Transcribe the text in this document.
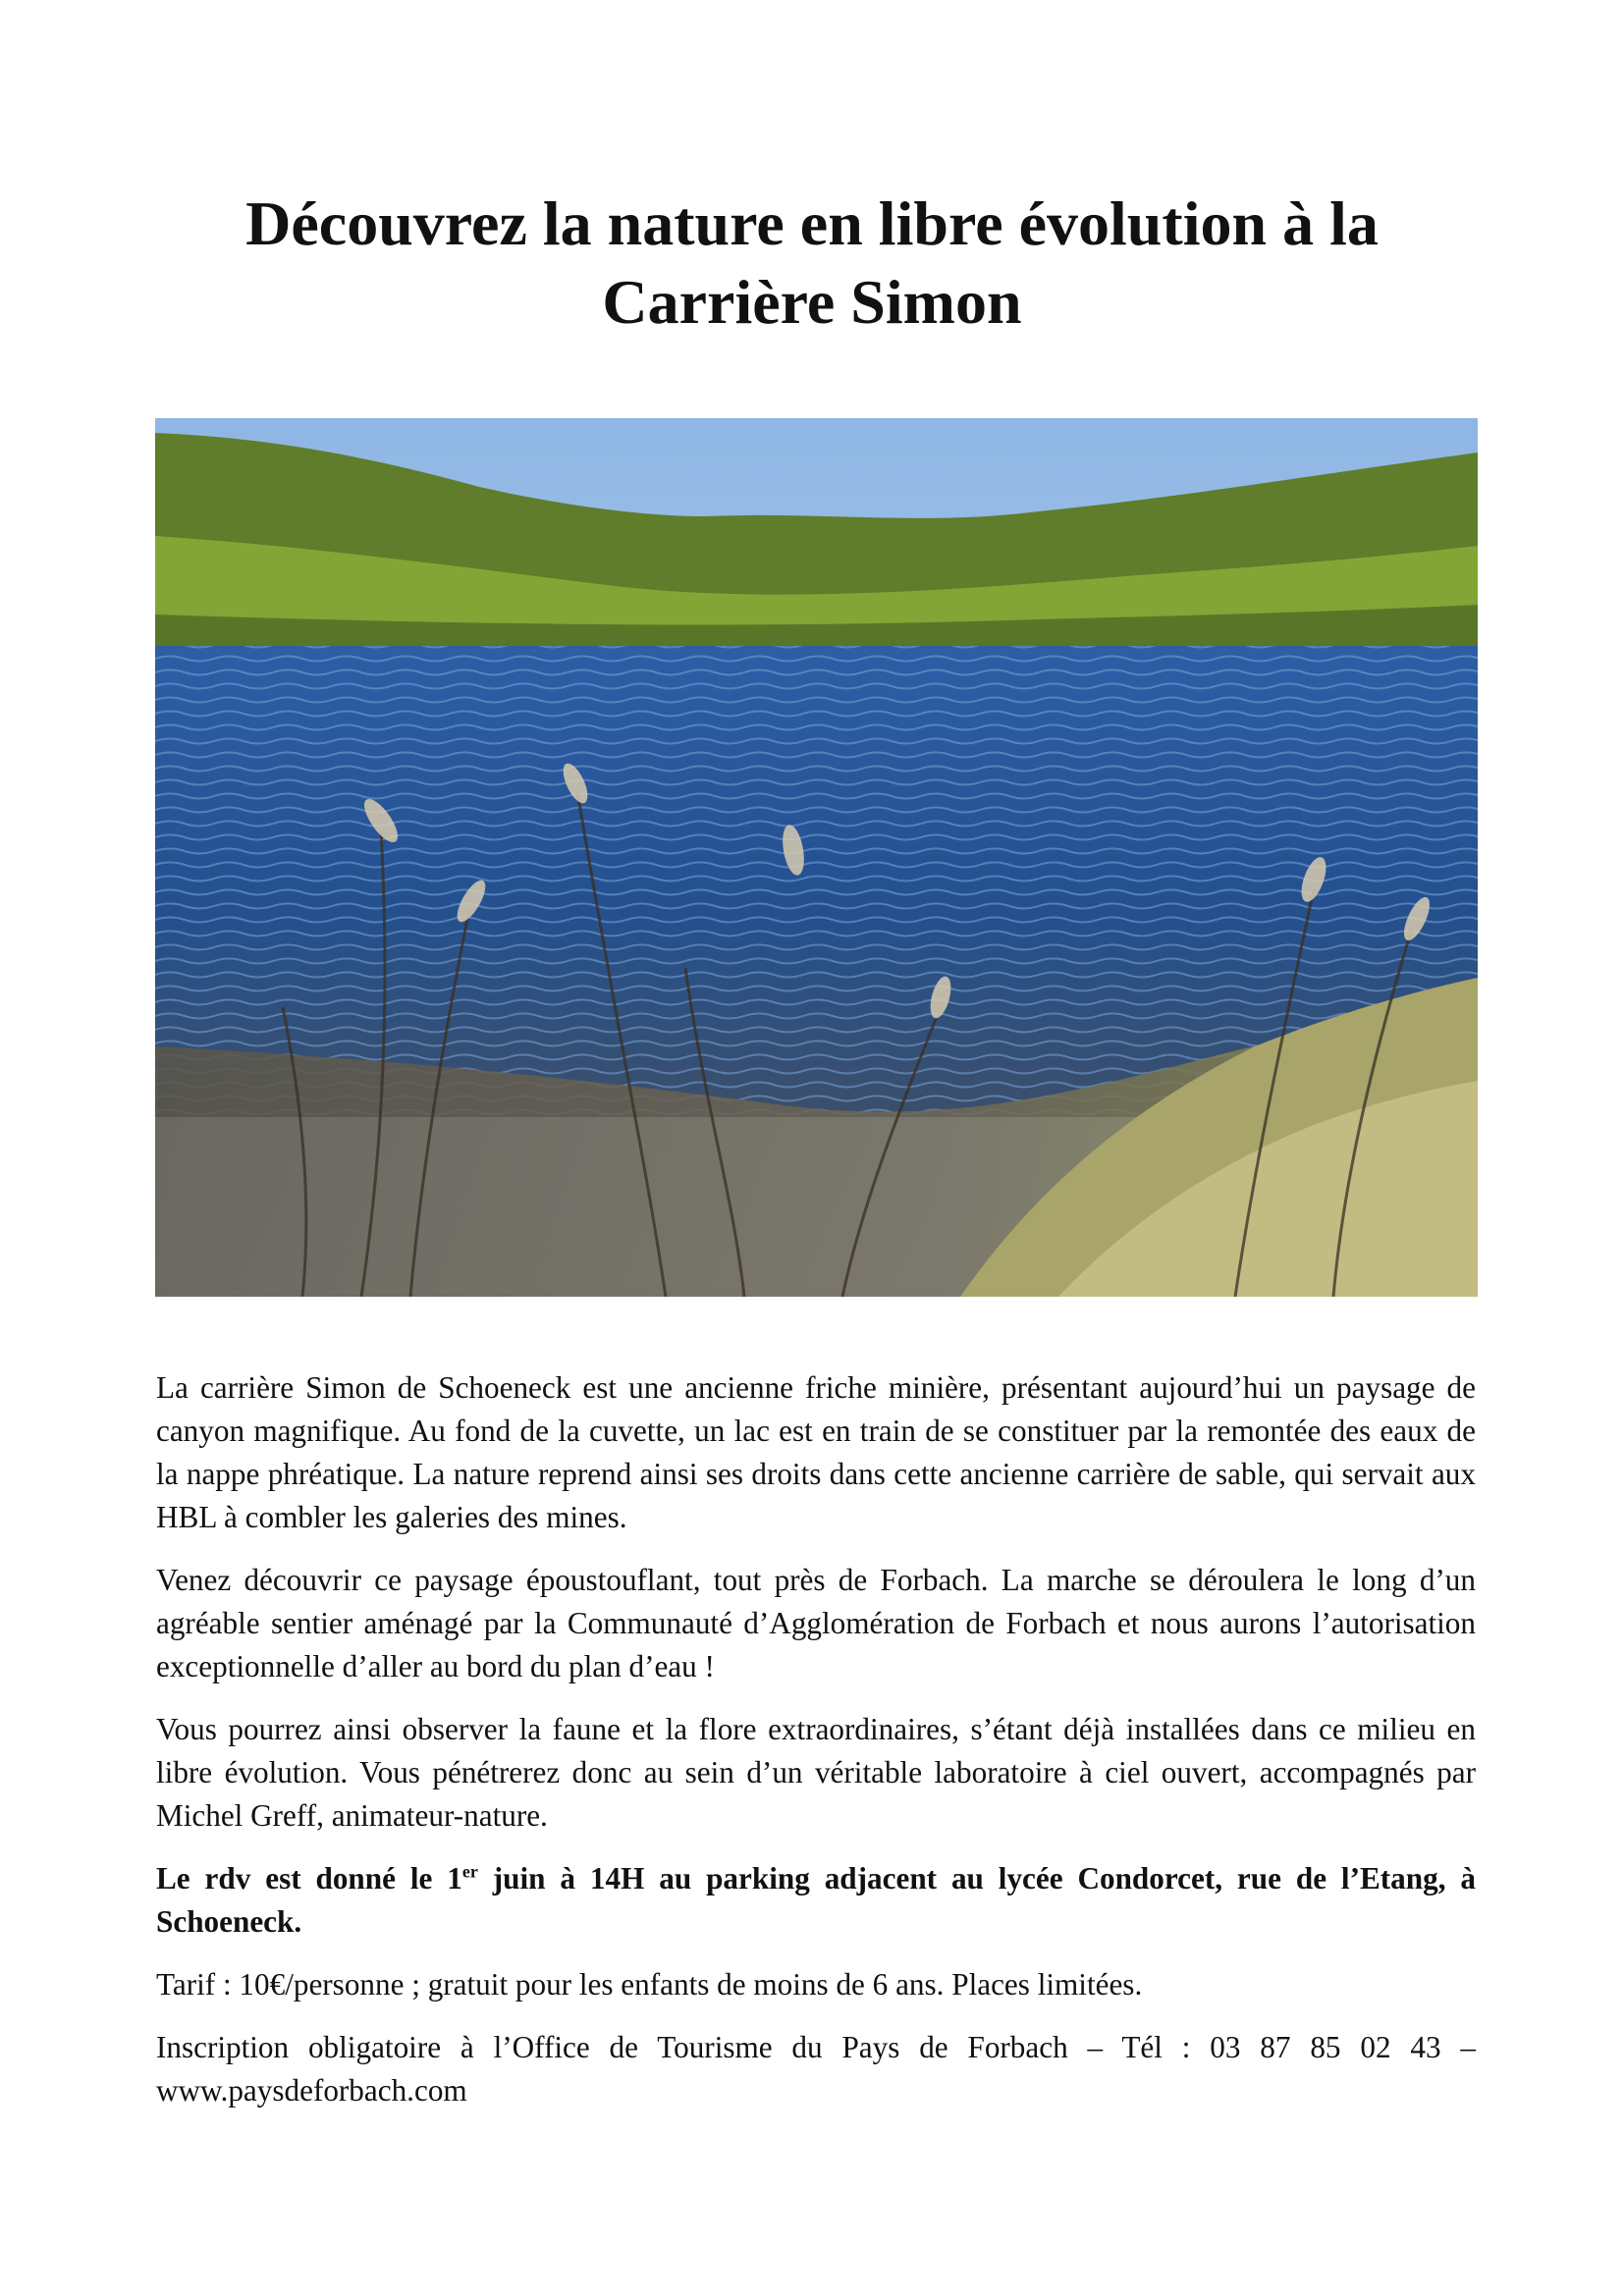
Découvrez la nature en libre évolution à la
Carrière Simon

La carrière Simon de Schoeneck est une ancienne friche minière, présentant aujourd’hui un paysage de canyon magnifique. Au fond de la cuvette, un lac est en train de se constituer par la remontée des eaux de la nappe phréatique. La nature reprend ainsi ses droits dans cette ancienne carrière de sable, qui servait aux HBL à combler les galeries des mines.

Venez découvrir ce paysage époustouflant, tout près de Forbach. La marche se déroulera le long d’un agréable sentier aménagé par la Communauté d’Agglomération de Forbach et nous aurons l’autorisation exceptionnelle d’aller au bord du plan d’eau !

Vous pourrez ainsi observer la faune et la flore extraordinaires, s’étant déjà installées dans ce milieu en libre évolution. Vous pénétrerez donc au sein d’un véritable laboratoire à ciel ouvert, accompagnés par Michel Greff, animateur-nature.

Le rdv est donné le 1er juin à 14H au parking adjacent au lycée Condorcet, rue de l’Etang, à Schoeneck.

Tarif : 10€/personne ; gratuit pour les enfants de moins de 6 ans. Places limitées.

Inscription obligatoire à l’Office de Tourisme du Pays de Forbach – Tél : 03 87 85 02 43 – www.paysdeforbach.com
